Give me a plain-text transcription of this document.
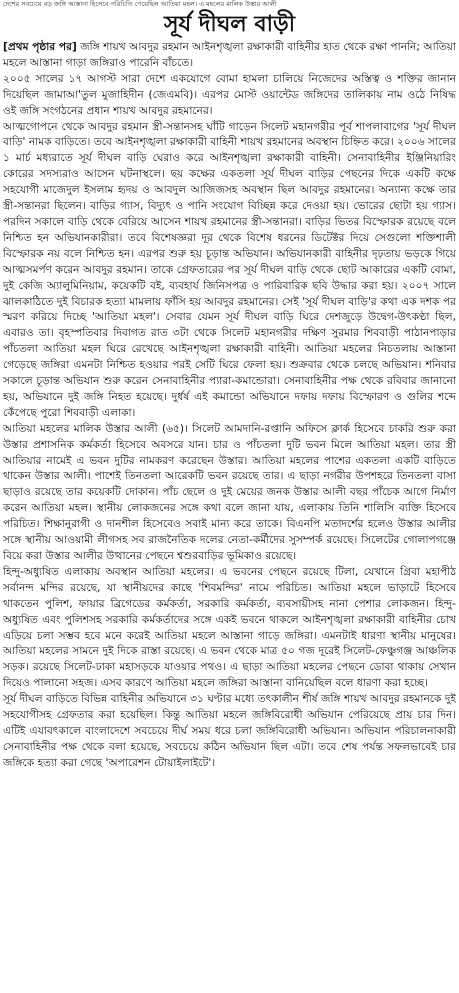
দেশের সবচেয়ে বড় জঙ্গি আস্তানা হিসেবে পরিচিতি পেয়েছিল আতিয়া মহল। এ মহলের মালিক উস্তার আলী
সূর্য দীঘল বাড়ী

[প্রথম পৃষ্ঠার পর] জঙ্গি শায়খ আবদুর রহমান আইনশৃঙ্খলা রক্ষাকারী বাহিনীর হাত থেকে রক্ষা পাননি; আতিয়া মহলে আস্তানা গাড়া জঙ্গিরাও পারেনি বাঁচতে।

২০০৫ সালের ১৭ আগস্ট সারা দেশে একযোগে বোমা হামলা চালিয়ে নিজেদের অস্তিত্ব ও শক্তির জানান দিয়েছিল জামাআ'তুল মুজাহিদীন (জেএমবি)। এরপর মোস্ট ওয়ান্টেড জঙ্গিদের তালিকায় নাম ওঠে নিষিদ্ধ ওই জঙ্গি সংগঠনের প্রধান শায়খ আবদুর রহমানের।

আত্মগোপনে থেকে আবদুর রহমান স্ত্রী-সন্তানসহ ঘাঁটি গাড়েন সিলেট মহানগরীর পূর্ব শাপলাবাগের 'সূর্য দীঘল বাড়ি' নামক বাড়িতে। তবে আইনশৃঙ্খলা রক্ষাকারী বাহিনী শায়খ রহমানের অবস্থান চিহ্নিত করে। ২০০৬ সালের ১ মার্চ মধ্যরাতে সূর্য দীঘল বাড়ি ঘেরাও করে আইনশৃঙ্খলা রক্ষাকারী বাহিনী। সেনাবাহিনীর ইঞ্জিনিয়ারিং কোরের সদস্যরাও আসেন ঘটনাস্থলে। ছয় কক্ষের একতলা সূর্য দীঘল বাড়ির পেছনের দিকে একটি কক্ষে সহযোগী মাজেদুল ইসলাম হৃদয় ও আবদুল আজিজসহ অবস্থান ছিল আবদুর রহমানের। অন্যান্য কক্ষে তার স্ত্রী-সন্তানরা ছিলেন। বাড়ির গ্যাস, বিদ্যুৎ ও পানি সংযোগ বিচ্ছিন্ন করে দেওয়া হয়। ভোরের ছোটা হয় গ্যাস। পরদিন সকালে বাড়ি থেকে বেরিয়ে আসেন শায়খ রহমানের স্ত্রী-সন্তানরা। বাড়ির ভিতর বিস্ফোরক রয়েছে বলে নিশ্চিত হন অভিযানকারীরা। তবে বিশেষজ্ঞরা দূর থেকে বিশেষ ধরনের ডিটেক্টর দিয়ে সেগুলো শক্তিশালী বিস্ফোরক নয় বলে নিশ্চিত হন। এরপর শুরু হয় চূড়ান্ত অভিযান। অভিযানকারী বাহিনীর দৃঢ়তায় ভড়কে গিয়ে আত্মসমর্পণ করেন আবদুর রহমান। তাকে গ্রেফতারের পর সূর্য দীঘল বাড়ি থেকে ছোট আকারের একটি বোমা, দুই কেজি অ্যালুমিনিয়াম, কয়েকটি বই, ব্যবহার্য জিনিসপত্র ও পারিবারিক ছবি উদ্ধার করা হয়। ২০০৭ সালে ঝালকাঠিতে দুই বিচারক হত্যা মামলায় ফাঁসি হয় আবদুর রহমানের। সেই 'সূর্য দীঘল বাড়ি'র কথা এক দশক পর স্মরণ করিয়ে দিচ্ছে 'আতিয়া মহল'। সেবার যেমন সূর্য দীঘল বাড়ি ঘিরে দেশজুড়ে উদ্বেগ-উৎকণ্ঠা ছিল, এবারও তা। বৃহস্পতিবার দিবাগত রাত ৩টা থেকে সিলেট মহানগরীর দক্ষিণ সুরমার শিববাড়ী পাঠানপাড়ার পাঁচতলা আতিয়া মহল ঘিরে রেখেছে আইনশৃঙ্খলা রক্ষাকারী বাহিনী। আতিয়া মহলের নিচতলায় আস্তানা গেড়েছে জঙ্গিরা এমনটা নিশ্চিত হওয়ার পরই সেটি ঘিরে ফেলা হয়। শুক্রবার থেকে চলছে অভিযান। শনিবার সকালে চূড়ান্ত অভিযান শুরু করেন সেনাবাহিনীর প্যারা-কমান্ডোরা। সেনাবাহিনীর পক্ষ থেকে রবিবার জানানো হয়, অভিযানে দুই জঙ্গি নিহত হয়েছে। দুর্ধর্ষ এই কমান্ডো অভিযানে দফায় দফায় বিস্ফোরণ ও গুলির শব্দে কেঁপেছে পুরো শিববাড়ী এলাকা।

আতিয়া মহলের মালিক উস্তার আলী (৬৫)। সিলেট আমদানি-রপ্তানি অফিসে ক্লার্ক হিসেবে চাকরি শুরু করা উস্তার প্রশাসনিক কর্মকর্তা হিসেবে অবসরে যান। চার ও পাঁচতলা দুটি ভবন মিলে আতিয়া মহল। তার স্ত্রী আতিয়ার নামেই এ ভবন দুটির নামকরণ করেছেন উস্তার। আতিয়া মহলের পাশের একতলা একটি বাড়িতে থাকেন উস্তার আলী। পাশেই তিনতলা আরেকটি ভবন রয়েছে তার। এ ছাড়া নগরীর উপশহরে তিনতলা বাসা ছাড়াও রয়েছে তার কয়েকটি দোকান। পাঁচ ছেলে ও দুই মেয়ের জনক উস্তার আলী বছর পাঁচেক আগে নির্মাণ করেন আতিয়া মহল। স্থানীয় লোকজনের সঙ্গে কথা বলে জানা যায়, এলাকায় তিনি শালিসি ব্যক্তি হিসেবে পরিচিত। শিক্ষানুরাগী ও দানশীল হিসেবেও সবাই মান্য করে তাকে। বিএনপি মতাদর্শের হলেও উস্তার আলীর সঙ্গে স্থানীয় আওয়ামী লীগসহ সব রাজনৈতিক দলের নেতা-কর্মীদের সুসম্পর্ক রয়েছে। সিলেটের গোলাপগঞ্জে বিয়ে করা উস্তার আলীর উত্থানের পেছনে শ্বশুরবাড়ির ভূমিকাও রয়েছে।

হিন্দু-অধ্যুষিত এলাকায় অবস্থান আতিয়া মহলের। এ ভবনের পেছনে রয়েছে টিলা, যেখানে গ্রিবা মহাপীঠ সর্বানন্দ মন্দির রয়েছে, যা স্থানীয়দের কাছে 'শিবমন্দির' নামে পরিচিত। আতিয়া মহলে ভাড়াটে হিসেবে থাকতেন পুলিশ, ফায়ার ব্রিগেডের কর্মকর্তা, সরকারি কর্মকর্তা, ব্যবসায়ীসহ নানা পেশার লোকজন। হিন্দু-অধ্যুষিত এবং পুলিশসহ সরকারি কর্মকর্তাদের সঙ্গে একই ভবনে থাকলে আইনশৃঙ্খলা রক্ষাকারী বাহিনীর চোখ এড়িয়ে চলা সম্ভব হবে মনে করেই আতিয়া মহলে আস্তানা গাড়ে জঙ্গিরা। এমনটাই ধারণা স্থানীয় মানুষের। আতিয়া মহলের সামনে দুই দিকে রাস্তা রয়েছে। এ ভবন থেকে মাত্র ৫০ গজ দূরেই সিলেট-ফেঞ্চুগঞ্জ আঞ্চলিক সড়ক। রয়েছে সিলেট-ঢাকা মহাসড়কে যাওয়ার পথও। এ ছাড়া আতিয়া মহলের পেছনে ডোবা থাকায় সেখান দিয়েও পালানো সহজ। এসব কারণে আতিয়া মহলে জঙ্গিরা আস্তানা বানিয়েছিল বলে ধারণা করা হচ্ছে।

সূর্য দীঘল বাড়িতে বিভিন্ন বাহিনীর অভিযানে ৩১ ঘণ্টার মধ্যে তৎকালীন শীর্ষ জঙ্গি শায়খ আবদুর রহমানকে দুই সহযোগীসহ গ্রেফতার করা হয়েছিল। কিন্তু আতিয়া মহলে জঙ্গিবিরোধী অভিযান পেরিয়েছে প্রায় চার দিন। এটিই এযাবৎকালে বাংলাদেশে সবচেয়ে দীর্ঘ সময় ধরে চলা জঙ্গিবিরোধী অভিযান। অভিযান পরিচালনাকারী সেনাবাহিনীর পক্ষ থেকে বলা হয়েছে, সবচেয়ে কঠিন অভিযান ছিল এটা। তবে শেষ পর্যন্ত সফলভাবেই চার জঙ্গিকে হত্যা করা গেছে 'অপারেশন টোয়াইলাইটে'।
